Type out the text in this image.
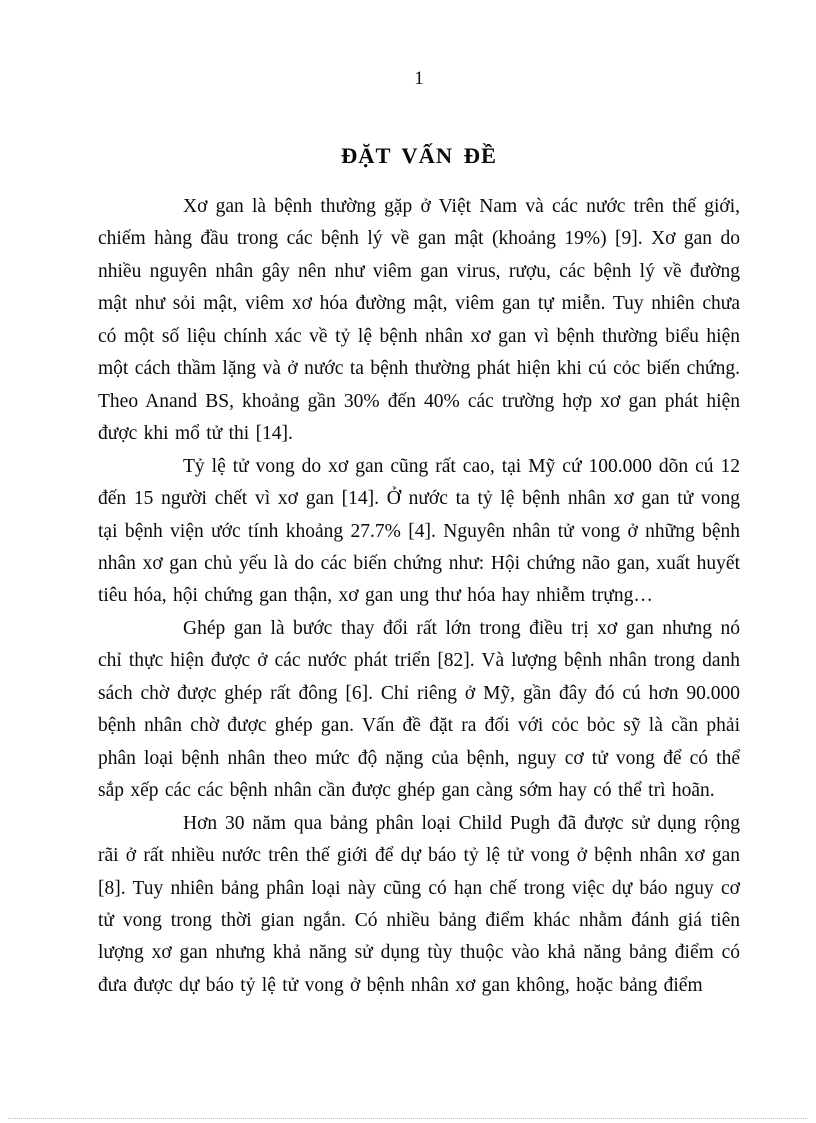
1
ĐẶT VẤN ĐỀ

Xơ gan là bệnh thường gặp ở Việt Nam và các nước trên thế giới, chiếm hàng đầu trong các bệnh lý về gan mật (khoảng 19%) [9]. Xơ gan do nhiều nguyên nhân gây nên như viêm gan virus, rượu, các bệnh lý về đường mật như sỏi mật, viêm xơ hóa đường mật, viêm gan tự miễn. Tuy nhiên chưa có một số liệu chính xác về tỷ lệ bệnh nhân xơ gan vì bệnh thường biểu hiện một cách thầm lặng và ở nước ta bệnh thường phát hiện khi cú cỏc biến chứng. Theo Anand BS, khoảng gần 30% đến 40% các trường hợp xơ gan phát hiện được khi mổ tử thi [14].

Tỷ lệ tử vong do xơ gan cũng rất cao, tại Mỹ cứ 100.000 dõn cú 12 đến 15 người chết vì xơ gan [14]. Ở nước ta tỷ lệ bệnh nhân xơ gan tử vong tại bệnh viện ước tính khoảng 27.7% [4]. Nguyên nhân tử vong ở những bệnh nhân xơ gan chủ yếu là do các biến chứng như: Hội chứng não gan, xuất huyết tiêu hóa, hội chứng gan thận, xơ gan ung thư hóa hay nhiễm trựng…

Ghép gan là bước thay đổi rất lớn trong điều trị xơ gan nhưng nó chỉ thực hiện được ở các nước phát triển [82]. Và lượng bệnh nhân trong danh sách chờ được ghép rất đông [6]. Chỉ riêng ở Mỹ, gần đây đó cú hơn 90.000 bệnh nhân chờ được ghép gan. Vấn đề đặt ra đối với cỏc bỏc sỹ là cần phải phân loại bệnh nhân theo mức độ nặng của bệnh, nguy cơ tử vong để có thể sắp xếp các các bệnh nhân cần được ghép gan càng sớm hay có thể trì hoãn.

Hơn 30 năm qua bảng phân loại Child Pugh đã được sử dụng rộng rãi ở rất nhiều nước trên thế giới để dự báo tỷ lệ tử vong ở bệnh nhân xơ gan [8]. Tuy nhiên bảng phân loại này cũng có hạn chế trong việc dự báo nguy cơ tử vong trong thời gian ngắn. Có nhiều bảng điểm khác nhằm đánh giá tiên lượng xơ gan nhưng khả năng sử dụng tùy thuộc vào khả năng bảng điểm có đưa được dự báo tỷ lệ tử vong ở bệnh nhân xơ gan không, hoặc bảng điểm
